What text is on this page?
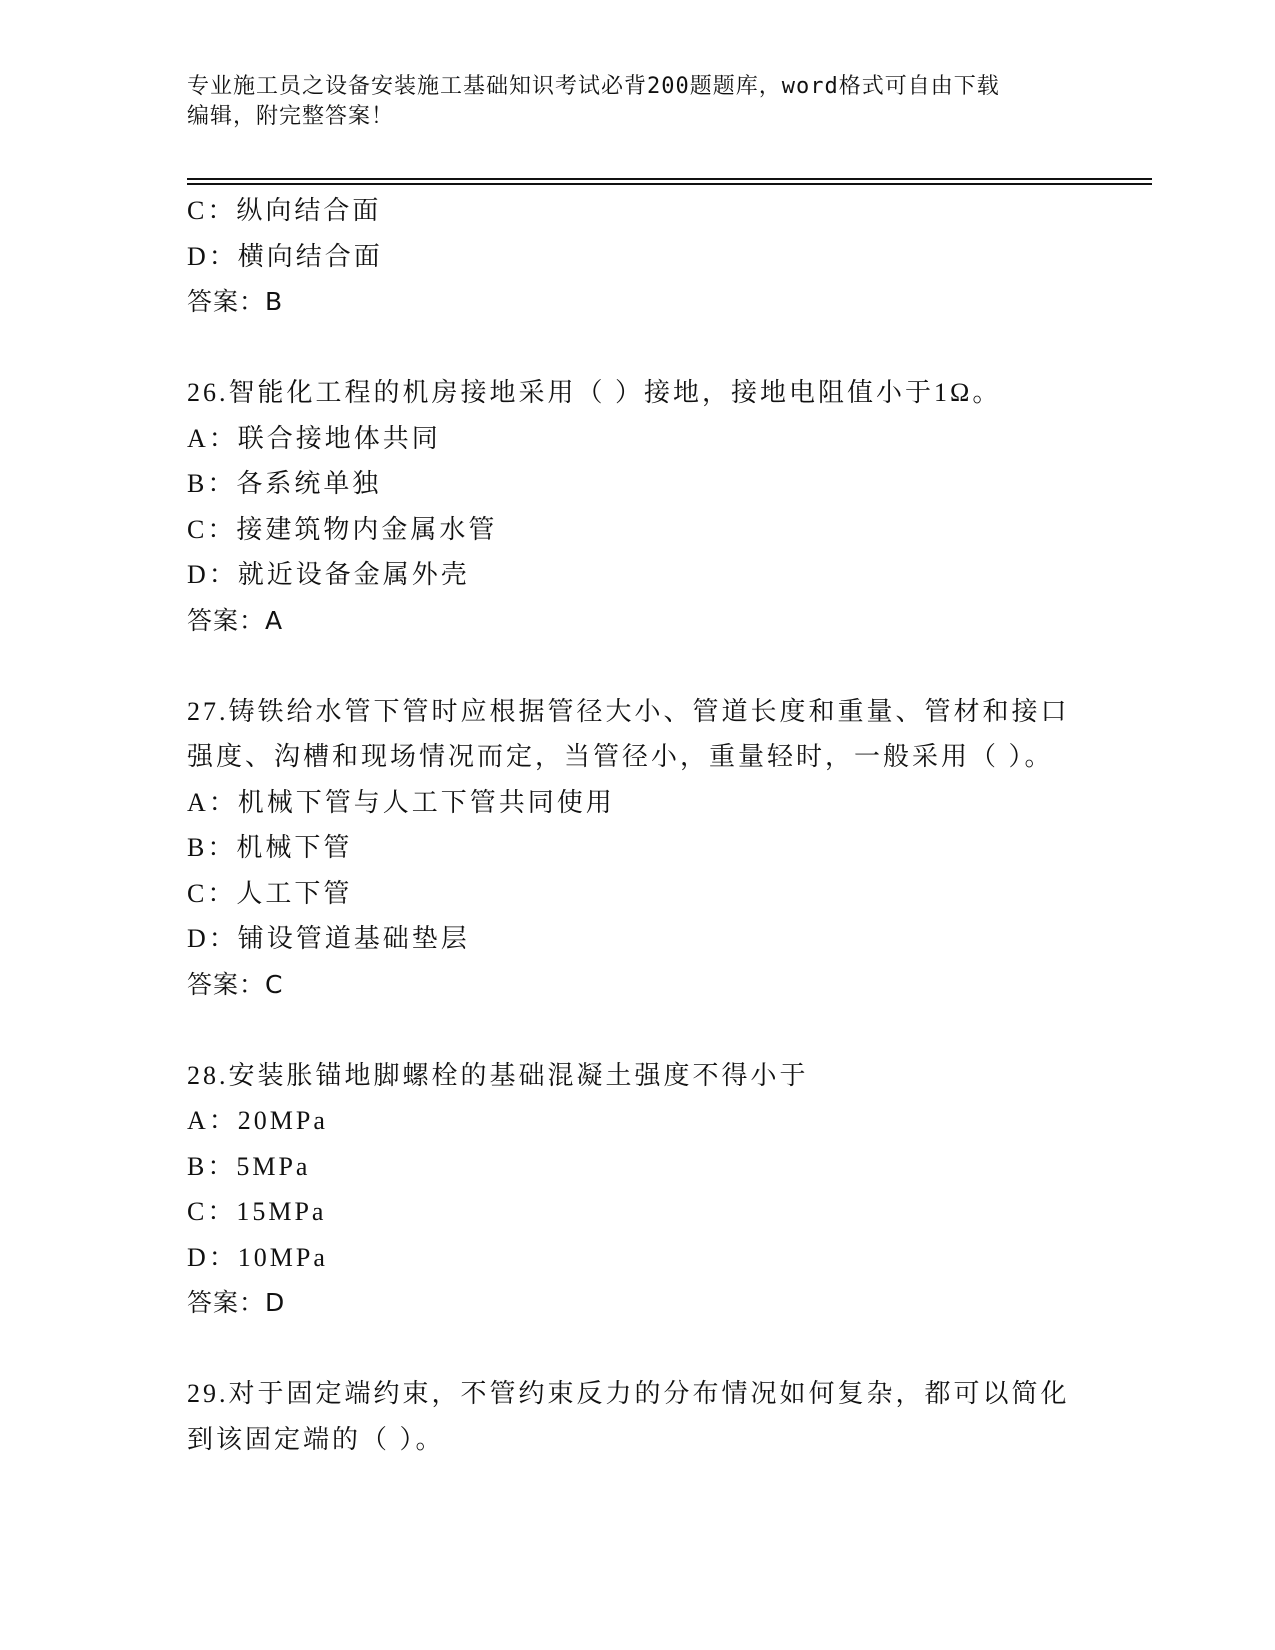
专业施工员之设备安装施工基础知识考试必背200题题库，word格式可自由下载
编辑，附完整答案！
C：纵向结合面
D：横向结合面
答案：B
26.智能化工程的机房接地采用（ ）接地，接地电阻值小于1Ω。
A：联合接地体共同
B：各系统单独
C：接建筑物内金属水管
D：就近设备金属外壳
答案：A
27.铸铁给水管下管时应根据管径大小、管道长度和重量、管材和接口
强度、沟槽和现场情况而定，当管径小，重量轻时，一般采用（ ）。
A：机械下管与人工下管共同使用
B：机械下管
C：人工下管
D：铺设管道基础垫层
答案：C
28.安装胀锚地脚螺栓的基础混凝土强度不得小于
A：20MPa
B：5MPa
C：15MPa
D：10MPa
答案：D
29.对于固定端约束，不管约束反力的分布情况如何复杂，都可以简化
到该固定端的（ ）。
